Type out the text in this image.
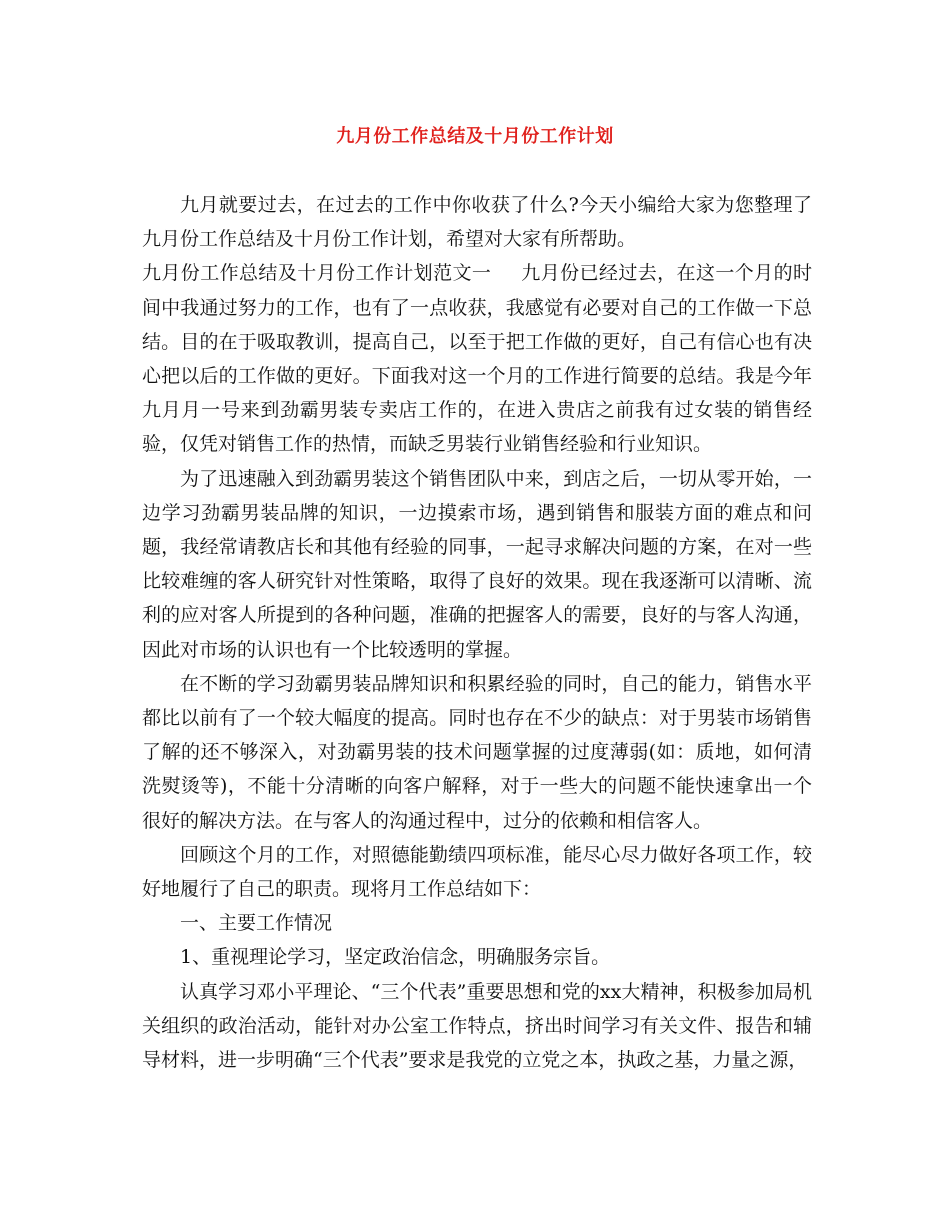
九月份工作总结及十月份工作计划

九月就要过去，在过去的工作中你收获了什么?今天小编给大家为您整理了九月份工作总结及十月份工作计划，希望对大家有所帮助。

九月份工作总结及十月份工作计划范文一 九月份已经过去，在这一个月的时间中我通过努力的工作，也有了一点收获，我感觉有必要对自己的工作做一下总结。目的在于吸取教训，提高自己，以至于把工作做的更好，自己有信心也有决心把以后的工作做的更好。下面我对这一个月的工作进行简要的总结。我是今年九月月一号来到劲霸男装专卖店工作的，在进入贵店之前我有过女装的销售经验，仅凭对销售工作的热情，而缺乏男装行业销售经验和行业知识。

为了迅速融入到劲霸男装这个销售团队中来，到店之后，一切从零开始，一边学习劲霸男装品牌的知识，一边摸索市场，遇到销售和服装方面的难点和问题，我经常请教店长和其他有经验的同事，一起寻求解决问题的方案，在对一些比较难缠的客人研究针对性策略，取得了良好的效果。现在我逐渐可以清晰、流利的应对客人所提到的各种问题，准确的把握客人的需要，良好的与客人沟通，因此对市场的认识也有一个比较透明的掌握。

在不断的学习劲霸男装品牌知识和积累经验的同时，自己的能力，销售水平都比以前有了一个较大幅度的提高。同时也存在不少的缺点：对于男装市场销售了解的还不够深入，对劲霸男装的技术问题掌握的过度薄弱(如：质地，如何清洗熨烫等)，不能十分清晰的向客户解释，对于一些大的问题不能快速拿出一个很好的解决方法。在与客人的沟通过程中，过分的依赖和相信客人。

回顾这个月的工作，对照德能勤绩四项标准，能尽心尽力做好各项工作，较好地履行了自己的职责。现将月工作总结如下：

一、主要工作情况

1、重视理论学习，坚定政治信念，明确服务宗旨。

认真学习邓小平理论、“三个代表”重要思想和党的xx大精神，积极参加局机关组织的政治活动，能针对办公室工作特点，挤出时间学习有关文件、报告和辅导材料，进一步明确“三个代表”要求是我党的立党之本，执政之基，力量之源，
